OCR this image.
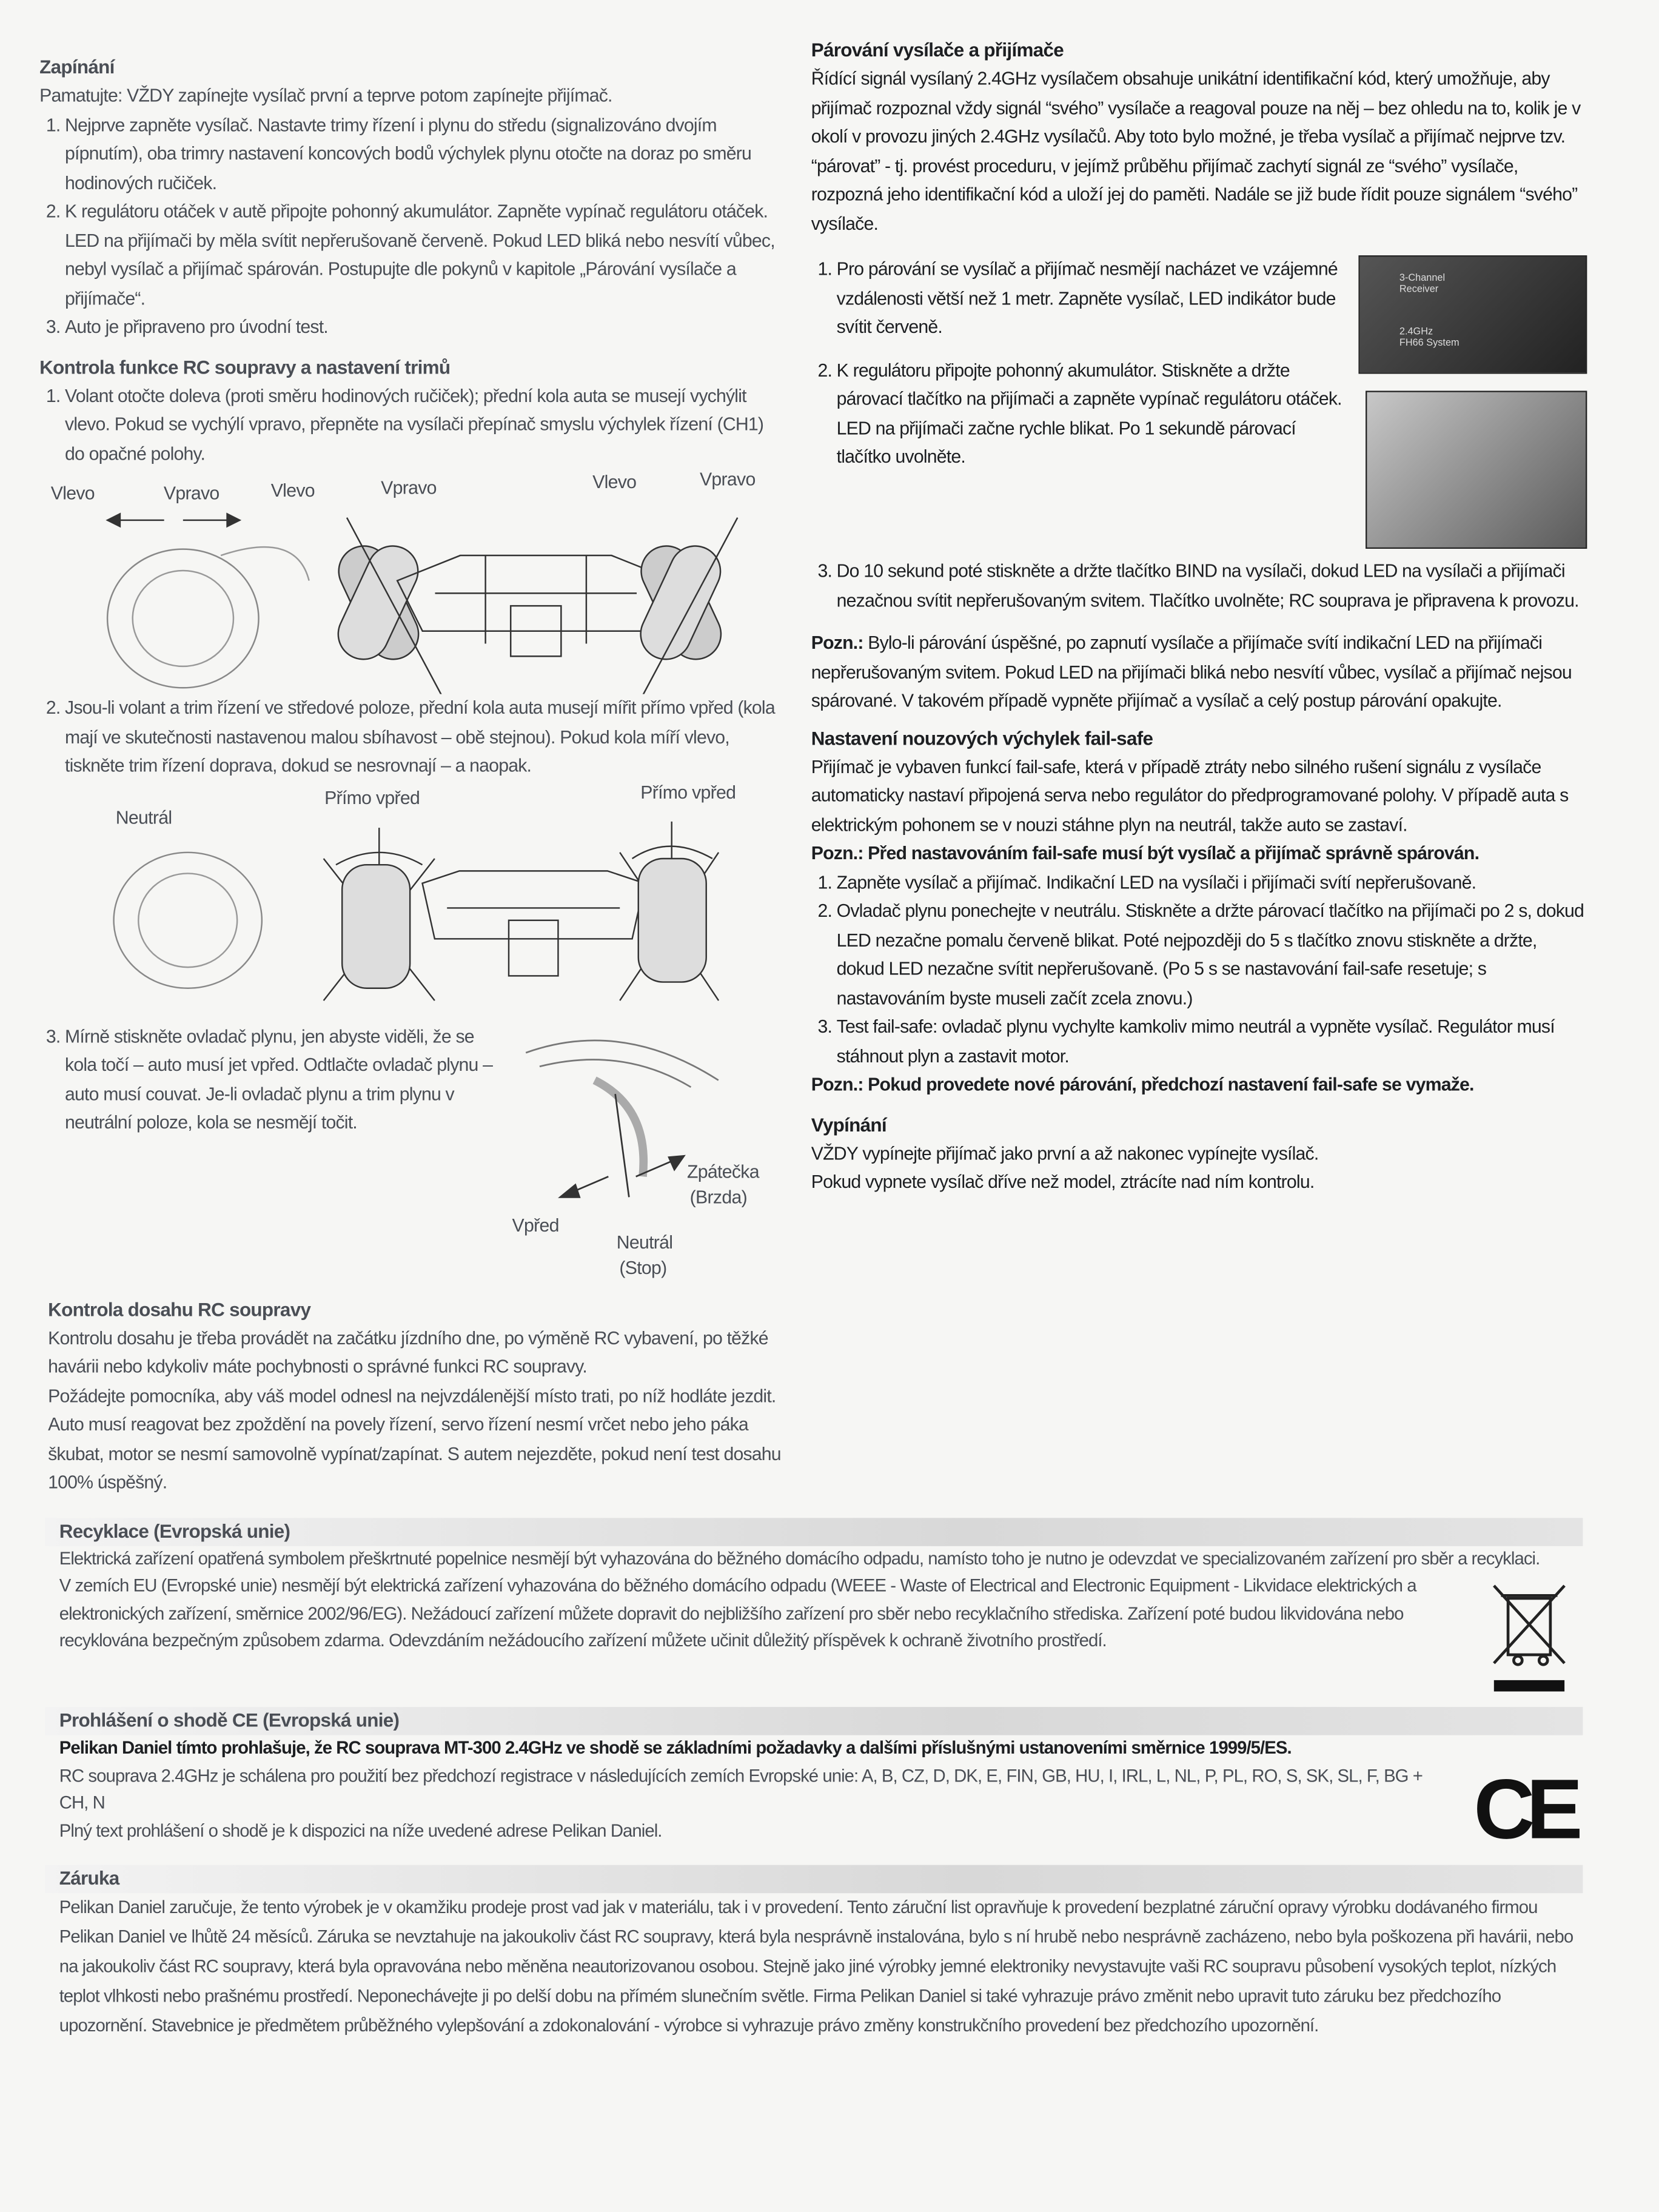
Zapínání

Pamatujte: VŽDY zapínejte vysílač první a teprve potom zapínejte přijímač.

1. Nejprve zapněte vysílač. Nastavte trimy řízení i plynu do středu (signalizováno dvojím pípnutím), oba trimry nastavení koncových bodů výchylek plynu otočte na doraz po směru hodinových ručiček.
2. K regulátoru otáček v autě připojte pohonný akumulátor. Zapněte vypínač regulátoru otáček. LED na přijímači by měla svítit nepřerušovaně červeně. Pokud LED bliká nebo nesvítí vůbec, nebyl vysílač a přijímač spárován. Postupujte dle pokynů v kapitole „Párování vysílače a přijímače“.
3. Auto je připraveno pro úvodní test.
Kontrola funkce RC soupravy a nastavení trimů
1. Volant otočte doleva (proti směru hodinových ručiček); přední kola auta se musejí vychýlit vlevo. Pokud se vychýlí vpravo, přepněte na vysílači přepínač smyslu výchylek řízení (CH1) do opačné polohy.
Vlevo	Vpravo	Vlevo	Vpravo	Vlevo	Vpravo
2. Jsou-li volant a trim řízení ve středové poloze, přední kola auta musejí mířit přímo vpřed (kola mají ve skutečnosti nastavenou malou sbíhavost – obě stejnou). Pokud kola míří vlevo, tiskněte trim řízení doprava, dokud se nesrovnají – a naopak.
Neutrál
Přímo vpřed	Přímo vpřed
3. Mírně stiskněte ovladač plynu, jen abyste viděli, že se kola točí – auto musí jet vpřed. Odtlačte ovladač plynu – auto musí couvat. Je-li ovladač plynu a trim plynu v neutrální poloze, kola se nesmějí točit.
Zpátečka
(Brzda)
Vpřed
Neutrál
(Stop)
Kontrola dosahu RC soupravy

Kontrolu dosahu je třeba provádět na začátku jízdního dne, po výměně RC vybavení, po těžké havárii nebo kdykoliv máte pochybnosti o správné funkci RC soupravy.

Požádejte pomocníka, aby váš model odnesl na nejvzdálenější místo trati, po níž hodláte jezdit. Auto musí reagovat bez zpoždění na povely řízení, servo řízení nesmí vrčet nebo jeho páka škubat, motor se nesmí samovolně vypínat/zapínat. S autem nejezděte, pokud není test dosahu 100% úspěšný.

Párování vysílače a přijímače

Řídící signál vysílaný 2.4GHz vysílačem obsahuje unikátní identifikační kód, který umožňuje, aby přijímač rozpoznal vždy signál “svého” vysílače a reagoval pouze na něj – bez ohledu na to, kolik je v okolí v provozu jiných 2.4GHz vysílačů. Aby toto bylo možné, je třeba vysílač a přijímač nejprve tzv. “párovat” - tj. provést proceduru, v jejímž průběhu přijímač zachytí signál ze “svého” vysílače, rozpozná jeho identifikační kód a uloží jej do paměti. Nadále se již bude řídit pouze signálem “svého” vysílače.

1. 3-Channel
Receiver
2.4GHz
FH66 System
Pro párování se vysílač a přijímač nesmějí nacházet ve vzájemné vzdálenosti větší než 1 metr. Zapněte vysílač, LED indikátor bude svítit červeně.
2. K regulátoru připojte pohonný akumulátor. Stiskněte a držte párovací tlačítko na přijímači a zapněte vypínač regulátoru otáček. LED na přijímači začne rychle blikat. Po 1 sekundě párovací tlačítko uvolněte.
3. Do 10 sekund poté stiskněte a držte tlačítko BIND na vysílači, dokud LED na vysílači a přijímači nezačnou svítit nepřerušovaným svitem. Tlačítko uvolněte; RC souprava je připravena k provozu.

Pozn.: Bylo-li párování úspěšné, po zapnutí vysílače a přijímače svítí indikační LED na přijímači nepřerušovaným svitem. Pokud LED na přijímači bliká nebo nesvítí vůbec, vysílač a přijímač nejsou spárované. V takovém případě vypněte přijímač a vysílač a celý postup párování opakujte.

Nastavení nouzových výchylek fail-safe

Přijímač je vybaven funkcí fail-safe, která v případě ztráty nebo silného rušení signálu z vysílače automaticky nastaví připojená serva nebo regulátor do předprogramované polohy. V případě auta s elektrickým pohonem se v nouzi stáhne plyn na neutrál, takže auto se zastaví.

Pozn.: Před nastavováním fail-safe musí být vysílač a přijímač správně spárován.

1. Zapněte vysílač a přijímač. Indikační LED na vysílači i přijímači svítí nepřerušovaně.
2. Ovladač plynu ponechejte v neutrálu. Stiskněte a držte párovací tlačítko na přijímači po 2 s, dokud LED nezačne pomalu červeně blikat. Poté nejpozději do 5 s tlačítko znovu stiskněte a držte, dokud LED nezačne svítit nepřerušovaně. (Po 5 s se nastavování fail-safe resetuje; s nastavováním byste museli začít zcela znovu.)
3. Test fail-safe: ovladač plynu vychylte kamkoliv mimo neutrál a vypněte vysílač. Regulátor musí stáhnout plyn a zastavit motor.

Pozn.: Pokud provedete nové párování, předchozí nastavení fail-safe se vymaže.

Vypínání

VŽDY vypínejte přijímač jako první a až nakonec vypínejte vysílač.

Pokud vypnete vysílač dříve než model, ztrácíte nad ním kontrolu.

Recyklace (Evropská unie)

Elektrická zařízení opatřená symbolem přeškrtnuté popelnice nesmějí být vyhazována do běžného domácího odpadu, namísto toho je nutno je odevzdat ve specializovaném zařízení pro sběr a recyklaci.

V zemích EU (Evropské unie) nesmějí být elektrická zařízení vyhazována do běžného domácího odpadu (WEEE - Waste of Electrical and Electronic Equipment - Likvidace elektrických a elektronických zařízení, směrnice 2002/96/EG). Nežádoucí zařízení můžete dopravit do nejbližšího zařízení pro sběr nebo recyklačního střediska. Zařízení poté budou likvidována nebo recyklována bezpečným způsobem zdarma. Odevzdáním nežádoucího zařízení můžete učinit důležitý příspěvek k ochraně životního prostředí.

Prohlášení o shodě CE (Evropská unie)

Pelikan Daniel tímto prohlašuje, že RC souprava MT-300 2.4GHz ve shodě se základními požadavky a dalšími příslušnými ustanoveními směrnice 1999/5/ES.

CE

RC souprava 2.4GHz je schálena pro použití bez předchozí registrace v následujících zemích Evropské unie: A, B, CZ, D, DK, E, FIN, GB, HU, I, IRL, L, NL, P, PL, RO, S, SK, SL, F, BG + CH, N

Plný text prohlášení o shodě je k dispozici na níže uvedené adrese Pelikan Daniel.

Záruka

Pelikan Daniel zaručuje, že tento výrobek je v okamžiku prodeje prost vad jak v materiálu, tak i v provedení. Tento záruční list opravňuje k provedení bezplatné záruční opravy výrobku dodávaného firmou Pelikan Daniel ve lhůtě 24 měsíců. Záruka se nevztahuje na jakoukoliv část RC soupravy, která byla nesprávně instalována, bylo s ní hrubě nebo nesprávně zacházeno, nebo byla poškozena při havárii, nebo na jakoukoliv část RC soupravy, která byla opravována nebo měněna neautorizovanou osobou. Stejně jako jiné výrobky jemné elektroniky nevystavujte vaši RC soupravu působení vysokých teplot, nízkých teplot vlhkosti nebo prašnému prostředí. Neponechávejte ji po delší dobu na přímém slunečním světle. Firma Pelikan Daniel si také vyhrazuje právo změnit nebo upravit tuto záruku bez předchozího upozornění. Stavebnice je předmětem průběžného vylepšování a zdokonalování - výrobce si vyhrazuje právo změny konstrukčního provedení bez předchozího upozornění.
